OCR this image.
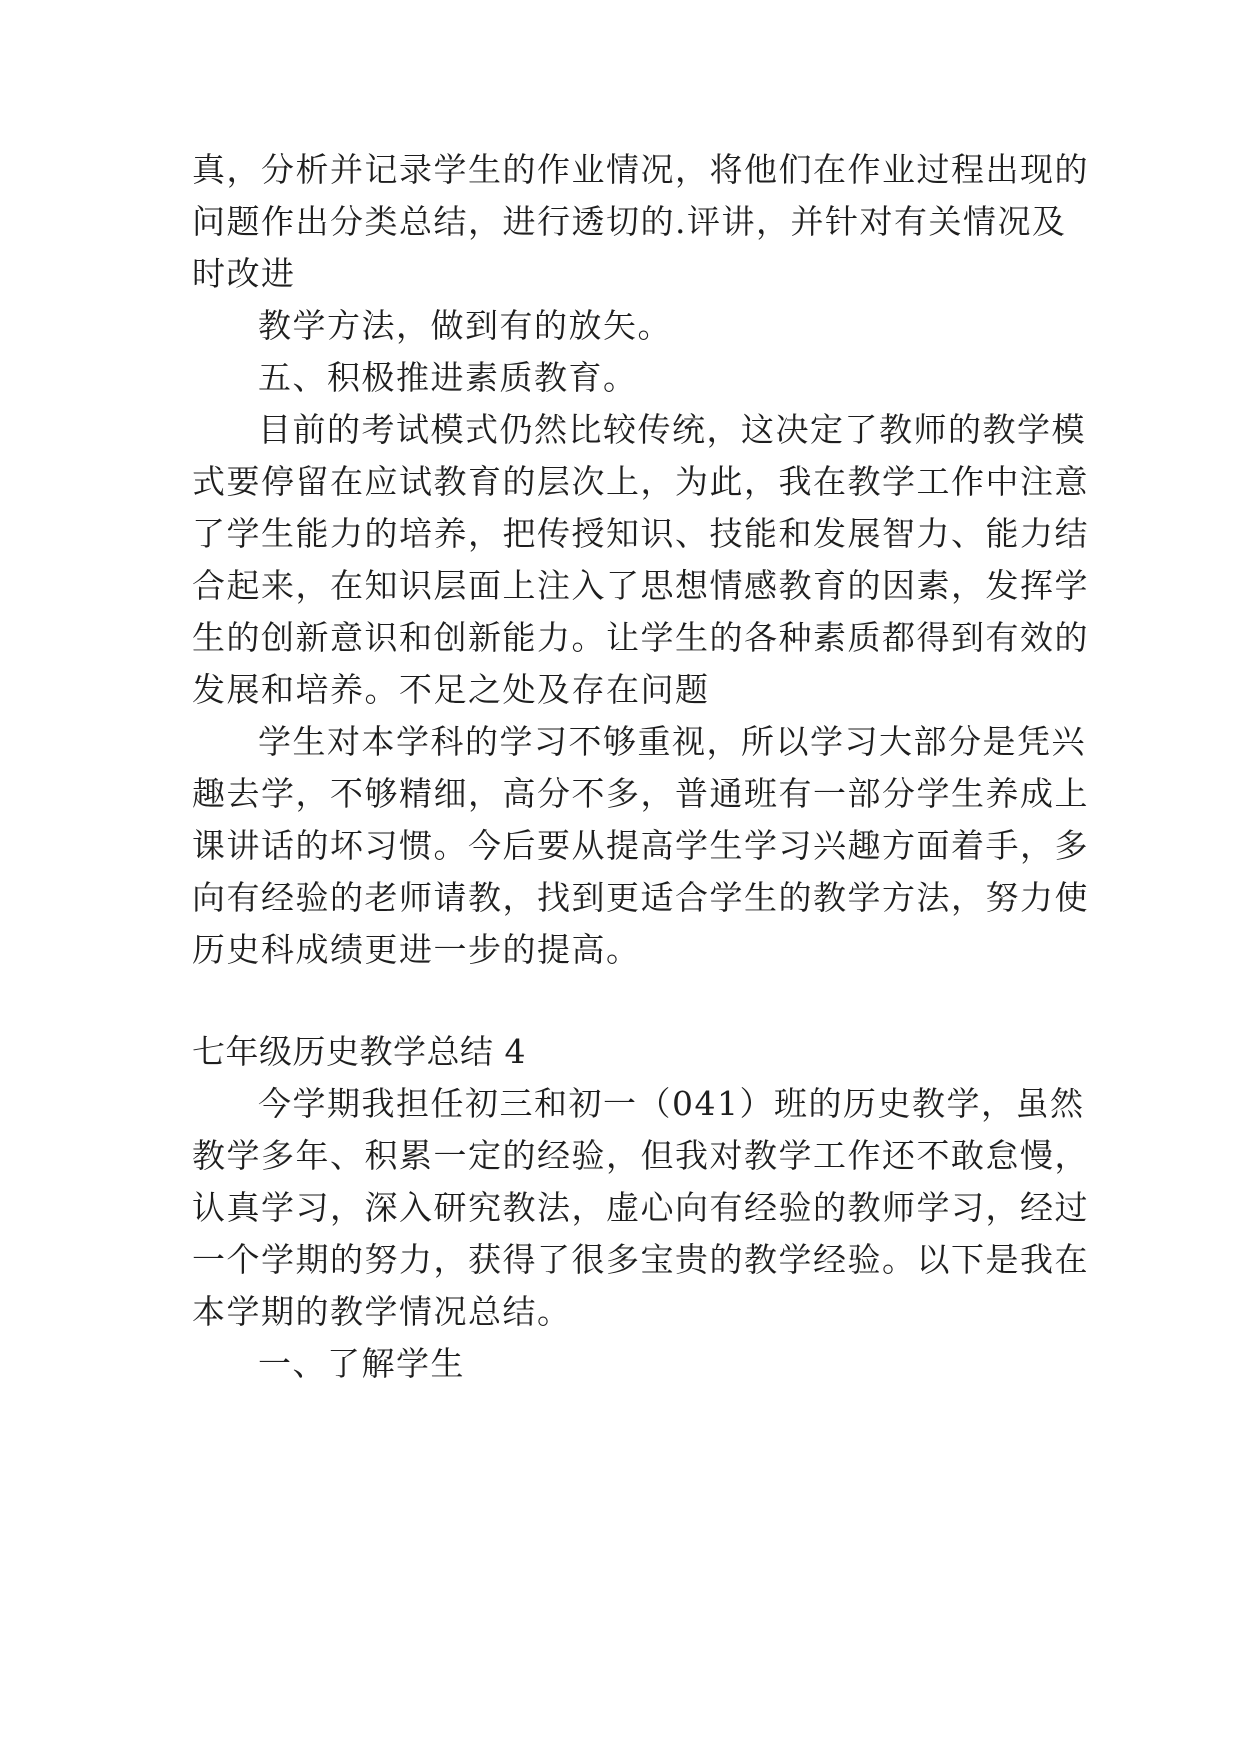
真，分析并记录学生的作业情况，将他们在作业过程出现的

问题作出分类总结，进行透切的.评讲，并针对有关情况及

时改进

教学方法，做到有的放矢。

五、积极推进素质教育。

目前的考试模式仍然比较传统，这决定了教师的教学模

式要停留在应试教育的层次上，为此，我在教学工作中注意

了学生能力的培养，把传授知识、技能和发展智力、能力结

合起来，在知识层面上注入了思想情感教育的因素，发挥学

生的创新意识和创新能力。让学生的各种素质都得到有效的

发展和培养。不足之处及存在问题

学生对本学科的学习不够重视，所以学习大部分是凭兴

趣去学，不够精细，高分不多，普通班有一部分学生养成上

课讲话的坏习惯。今后要从提高学生学习兴趣方面着手，多

向有经验的老师请教，找到更适合学生的教学方法，努力使

历史科成绩更进一步的提高。

七年级历史教学总结 4

今学期我担任初三和初一（041）班的历史教学，虽然

教学多年、积累一定的经验，但我对教学工作还不敢怠慢，

认真学习，深入研究教法，虚心向有经验的教师学习，经过

一个学期的努力，获得了很多宝贵的教学经验。以下是我在

本学期的教学情况总结。

一、了解学生
